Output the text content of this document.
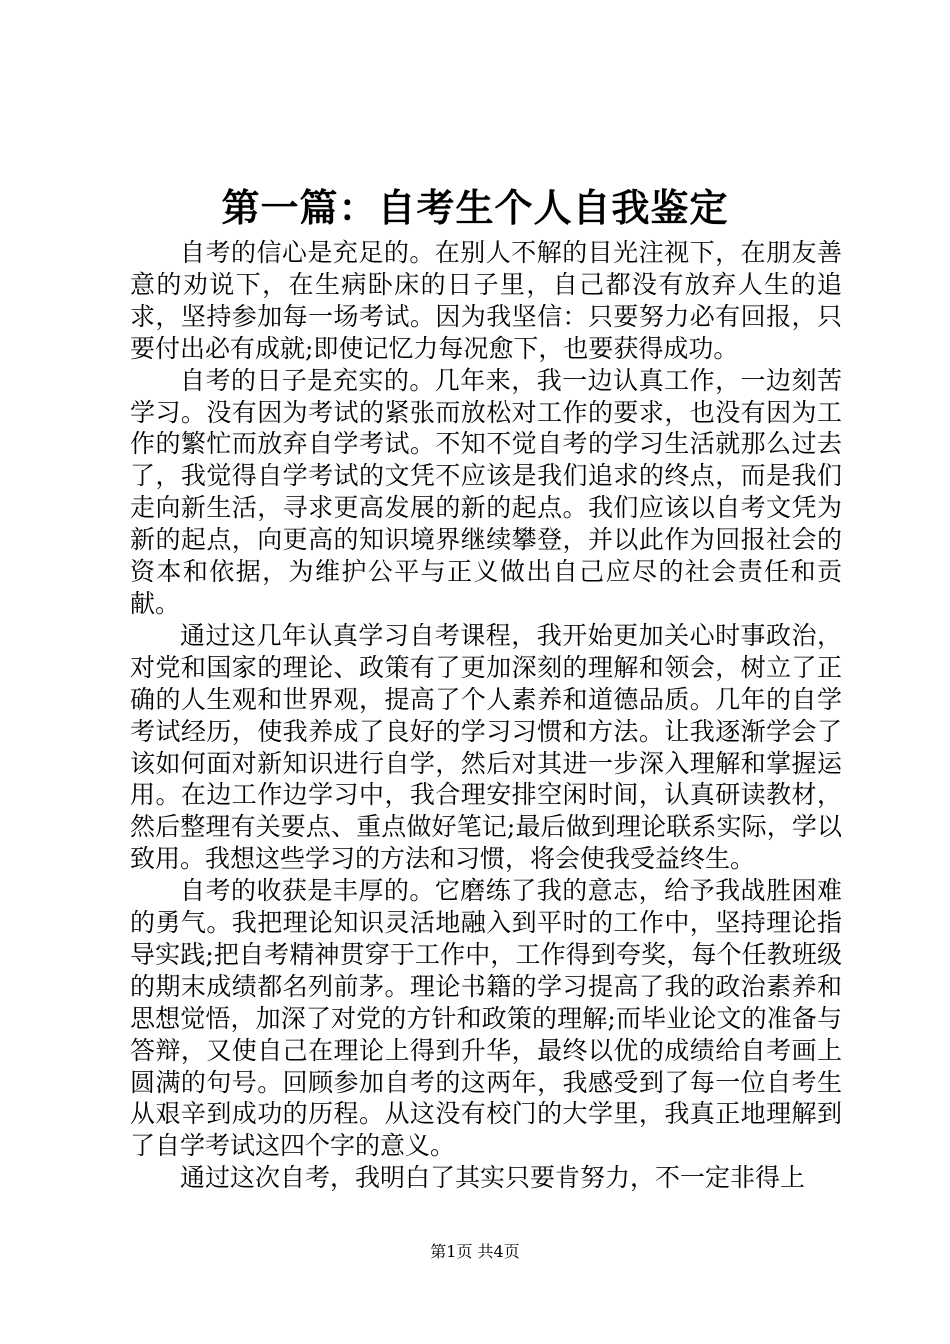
第一篇：自考生个人自我鉴定

自考的信心是充足的。在别人不解的目光注视下，在朋友善意的劝说下，在生病卧床的日子里，自己都没有放弃人生的追求，坚持参加每一场考试。因为我坚信：只要努力必有回报，只要付出必有成就;即使记忆力每况愈下，也要获得成功。

自考的日子是充实的。几年来，我一边认真工作，一边刻苦学习。没有因为考试的紧张而放松对工作的要求，也没有因为工作的繁忙而放弃自学考试。不知不觉自考的学习生活就那么过去了，我觉得自学考试的文凭不应该是我们追求的终点，而是我们走向新生活，寻求更高发展的新的起点。我们应该以自考文凭为新的起点，向更高的知识境界继续攀登，并以此作为回报社会的资本和依据，为维护公平与正义做出自己应尽的社会责任和贡献。

通过这几年认真学习自考课程，我开始更加关心时事政治，对党和国家的理论、政策有了更加深刻的理解和领会，树立了正确的人生观和世界观，提高了个人素养和道德品质。几年的自学考试经历，使我养成了良好的学习习惯和方法。让我逐渐学会了该如何面对新知识进行自学，然后对其进一步深入理解和掌握运用。在边工作边学习中，我合理安排空闲时间，认真研读教材，然后整理有关要点、重点做好笔记;最后做到理论联系实际，学以致用。我想这些学习的方法和习惯，将会使我受益终生。

自考的收获是丰厚的。它磨练了我的意志，给予我战胜困难的勇气。我把理论知识灵活地融入到平时的工作中，坚持理论指导实践;把自考精神贯穿于工作中，工作得到夸奖，每个任教班级的期末成绩都名列前茅。理论书籍的学习提高了我的政治素养和思想觉悟，加深了对党的方针和政策的理解;而毕业论文的准备与答辩，又使自己在理论上得到升华，最终以优的成绩给自考画上圆满的句号。回顾参加自考的这两年，我感受到了每一位自考生从艰辛到成功的历程。从这没有校门的大学里，我真正地理解到了自学考试这四个字的意义。

通过这次自考，我明白了其实只要肯努力，不一定非得上

第1页 共4页
